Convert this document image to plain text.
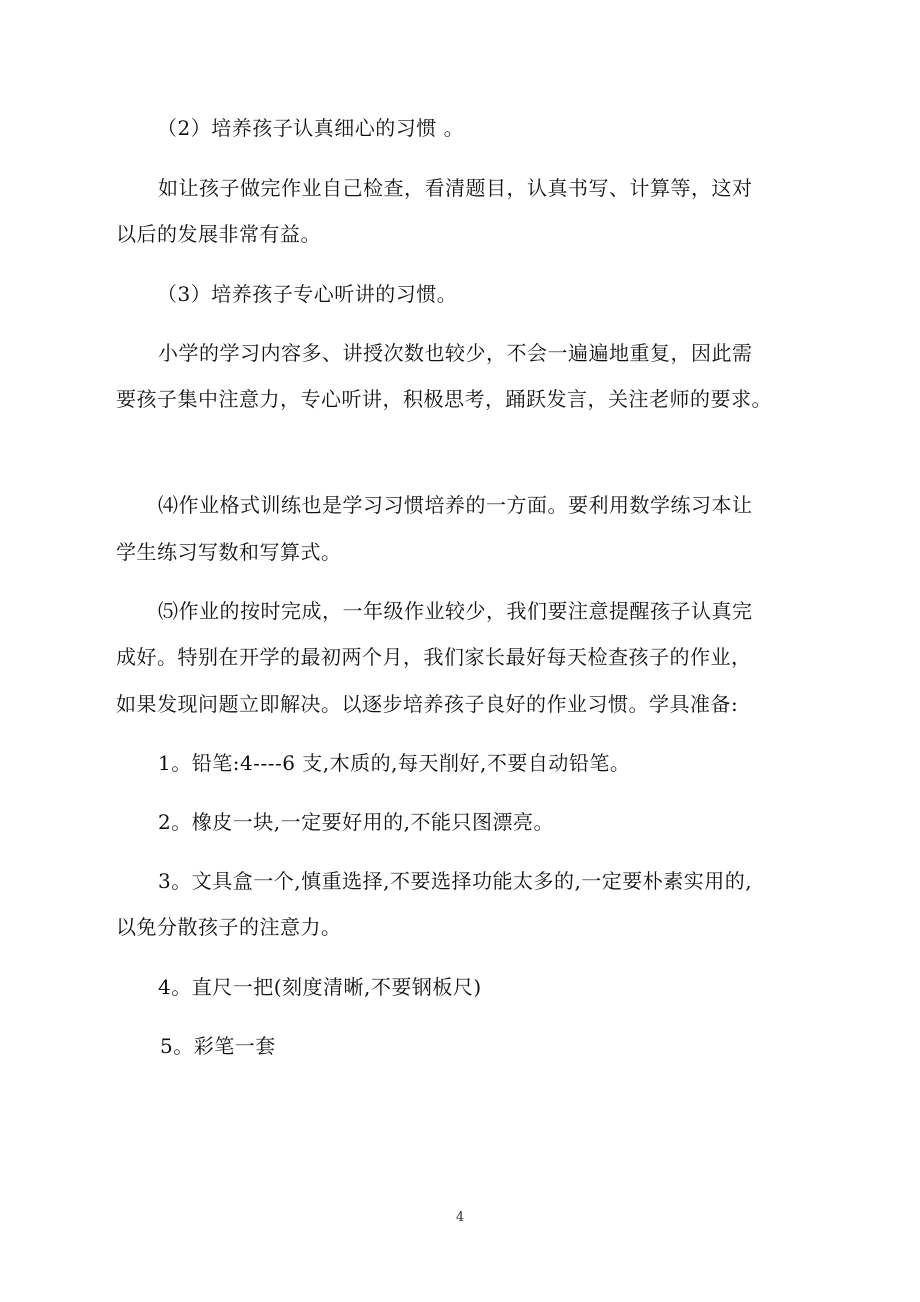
（2）培养孩子认真细心的习惯 。
如让孩子做完作业自己检查，看清题目，认真书写、计算等，这对
以后的发展非常有益。
（3）培养孩子专心听讲的习惯。
小学的学习内容多、讲授次数也较少，不会一遍遍地重复，因此需
要孩子集中注意力，专心听讲，积极思考，踊跃发言，关注老师的要求。
⑷作业格式训练也是学习习惯培养的一方面。要利用数学练习本让
学生练习写数和写算式。
⑸作业的按时完成，一年级作业较少，我们要注意提醒孩子认真完
成好。特别在开学的最初两个月，我们家长最好每天检查孩子的作业，
如果发现问题立即解决。以逐步培养孩子良好的作业习惯。学具准备:
1。铅笔:4----6 支,木质的,每天削好,不要自动铅笔。
2。橡皮一块,一定要好用的,不能只图漂亮。
3。文具盒一个,慎重选择,不要选择功能太多的,一定要朴素实用的,
以免分散孩子的注意力。
4。直尺一把(刻度清晰,不要钢板尺)
5。彩笔一套
4
